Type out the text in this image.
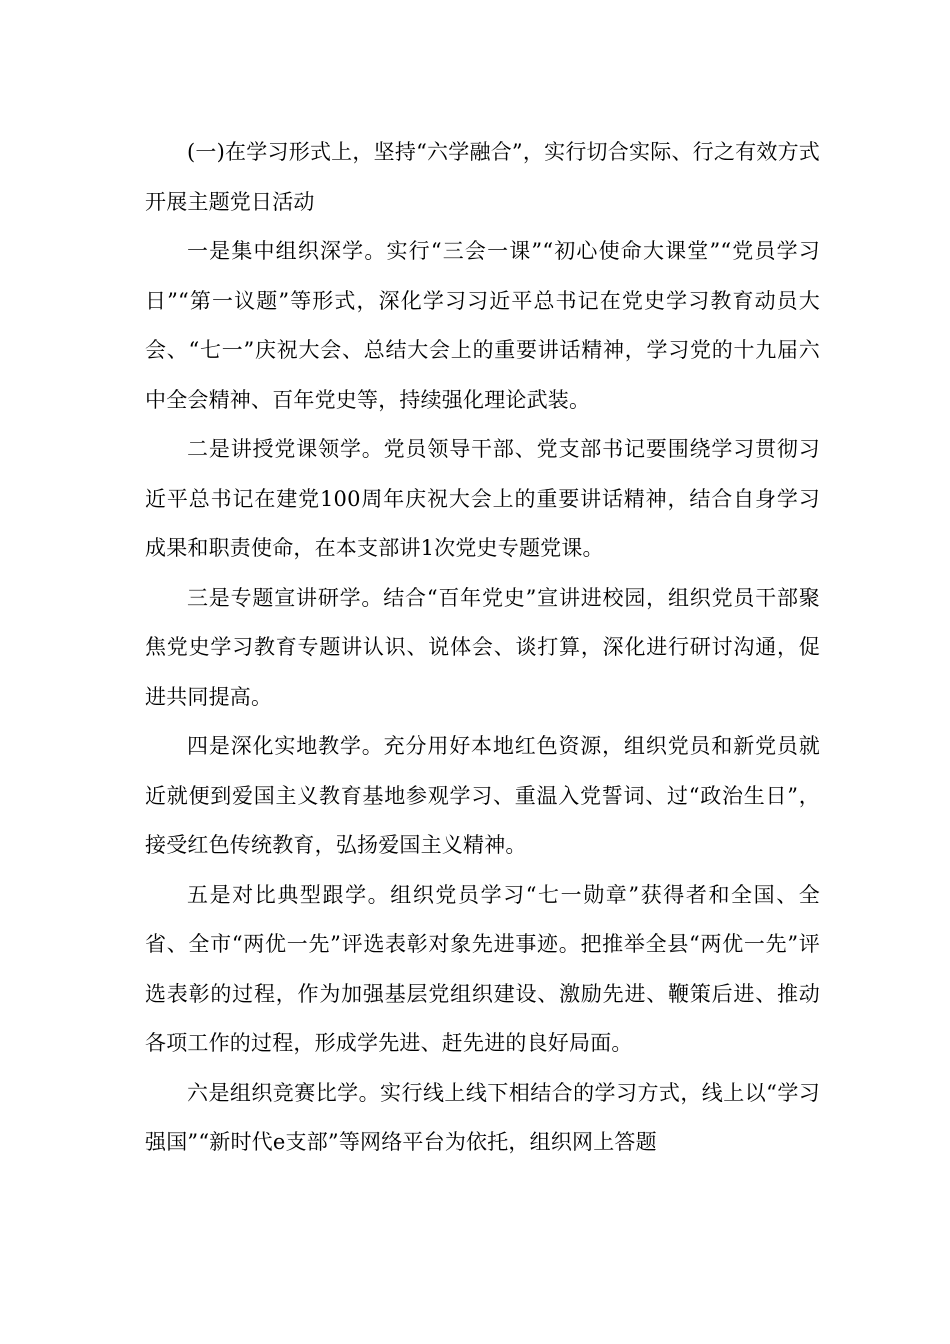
(一)在学习形式上，坚持“六学融合”，实行切合实际、行之有效方式开展主题党日活动

一是集中组织深学。实行“三会一课”“初心使命大课堂”“党员学习日”“第一议题”等形式，深化学习习近平总书记在党史学习教育动员大会、“七一”庆祝大会、总结大会上的重要讲话精神，学习党的十九届六中全会精神、百年党史等，持续强化理论武装。

二是讲授党课领学。党员领导干部、党支部书记要围绕学习贯彻习近平总书记在建党100周年庆祝大会上的重要讲话精神，结合自身学习成果和职责使命，在本支部讲1次党史专题党课。

三是专题宣讲研学。结合“百年党史”宣讲进校园，组织党员干部聚焦党史学习教育专题讲认识、说体会、谈打算，深化进行研讨沟通，促进共同提高。

四是深化实地教学。充分用好本地红色资源，组织党员和新党员就近就便到爱国主义教育基地参观学习、重温入党誓词、过“政治生日”，接受红色传统教育，弘扬爱国主义精神。

五是对比典型跟学。组织党员学习“七一勋章”获得者和全国、全省、全市“两优一先”评选表彰对象先进事迹。把推举全县“两优一先”评选表彰的过程，作为加强基层党组织建设、激励先进、鞭策后进、推动各项工作的过程，形成学先进、赶先进的良好局面。

六是组织竞赛比学。实行线上线下相结合的学习方式，线上以“学习强国”“新时代e支部”等网络平台为依托，组织网上答题
